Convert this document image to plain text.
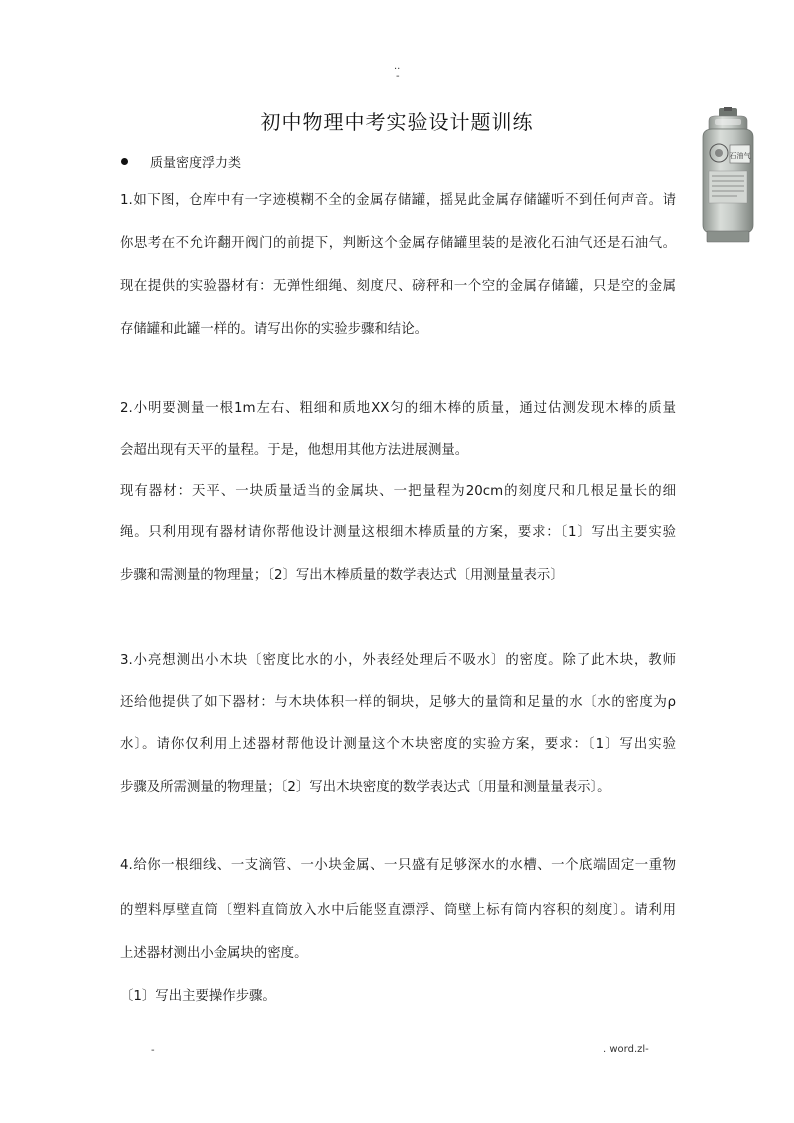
..
-
初中物理中考实验设计题训练
质量密度浮力类	石油气
1.如下图，仓库中有一字迹模糊不全的金属存储罐，摇晃此金属存储罐听不到任何声音。请
你思考在不允许翻开阀门的前提下，判断这个金属存储罐里装的是液化石油气还是石油气。
现在提供的实验器材有：无弹性细绳、刻度尺、磅秤和一个空的金属存储罐，只是空的金属
存储罐和此罐一样的。请写出你的实验步骤和结论。
2.小明要测量一根1m左右、粗细和质地XX匀的细木棒的质量，通过估测发现木棒的质量
会超出现有天平的量程。于是，他想用其他方法进展测量。
现有器材：天平、一块质量适当的金属块、一把量程为20cm的刻度尺和几根足量长的细
绳。只利用现有器材请你帮他设计测量这根细木棒质量的方案，要求：〔1〕写出主要实验
步骤和需测量的物理量；〔2〕写出木棒质量的数学表达式〔用测量量表示〕
3.小亮想测出小木块〔密度比水的小，外表经处理后不吸水〕的密度。除了此木块，教师
还给他提供了如下器材：与木块体积一样的铜块，足够大的量筒和足量的水〔水的密度为ρ
水〕。请你仅利用上述器材帮他设计测量这个木块密度的实验方案，要求：〔1〕写出实验
步骤及所需测量的物理量；〔2〕写出木块密度的数学表达式〔用量和测量量表示〕。
4.给你一根细线、一支滴管、一小块金属、一只盛有足够深水的水槽、一个底端固定一重物
的塑料厚壁直筒〔塑料直筒放入水中后能竖直漂浮、筒壁上标有筒内容积的刻度〕。请利用
上述器材测出小金属块的密度。
〔1〕写出主要操作步骤。
-	. word.zl-
